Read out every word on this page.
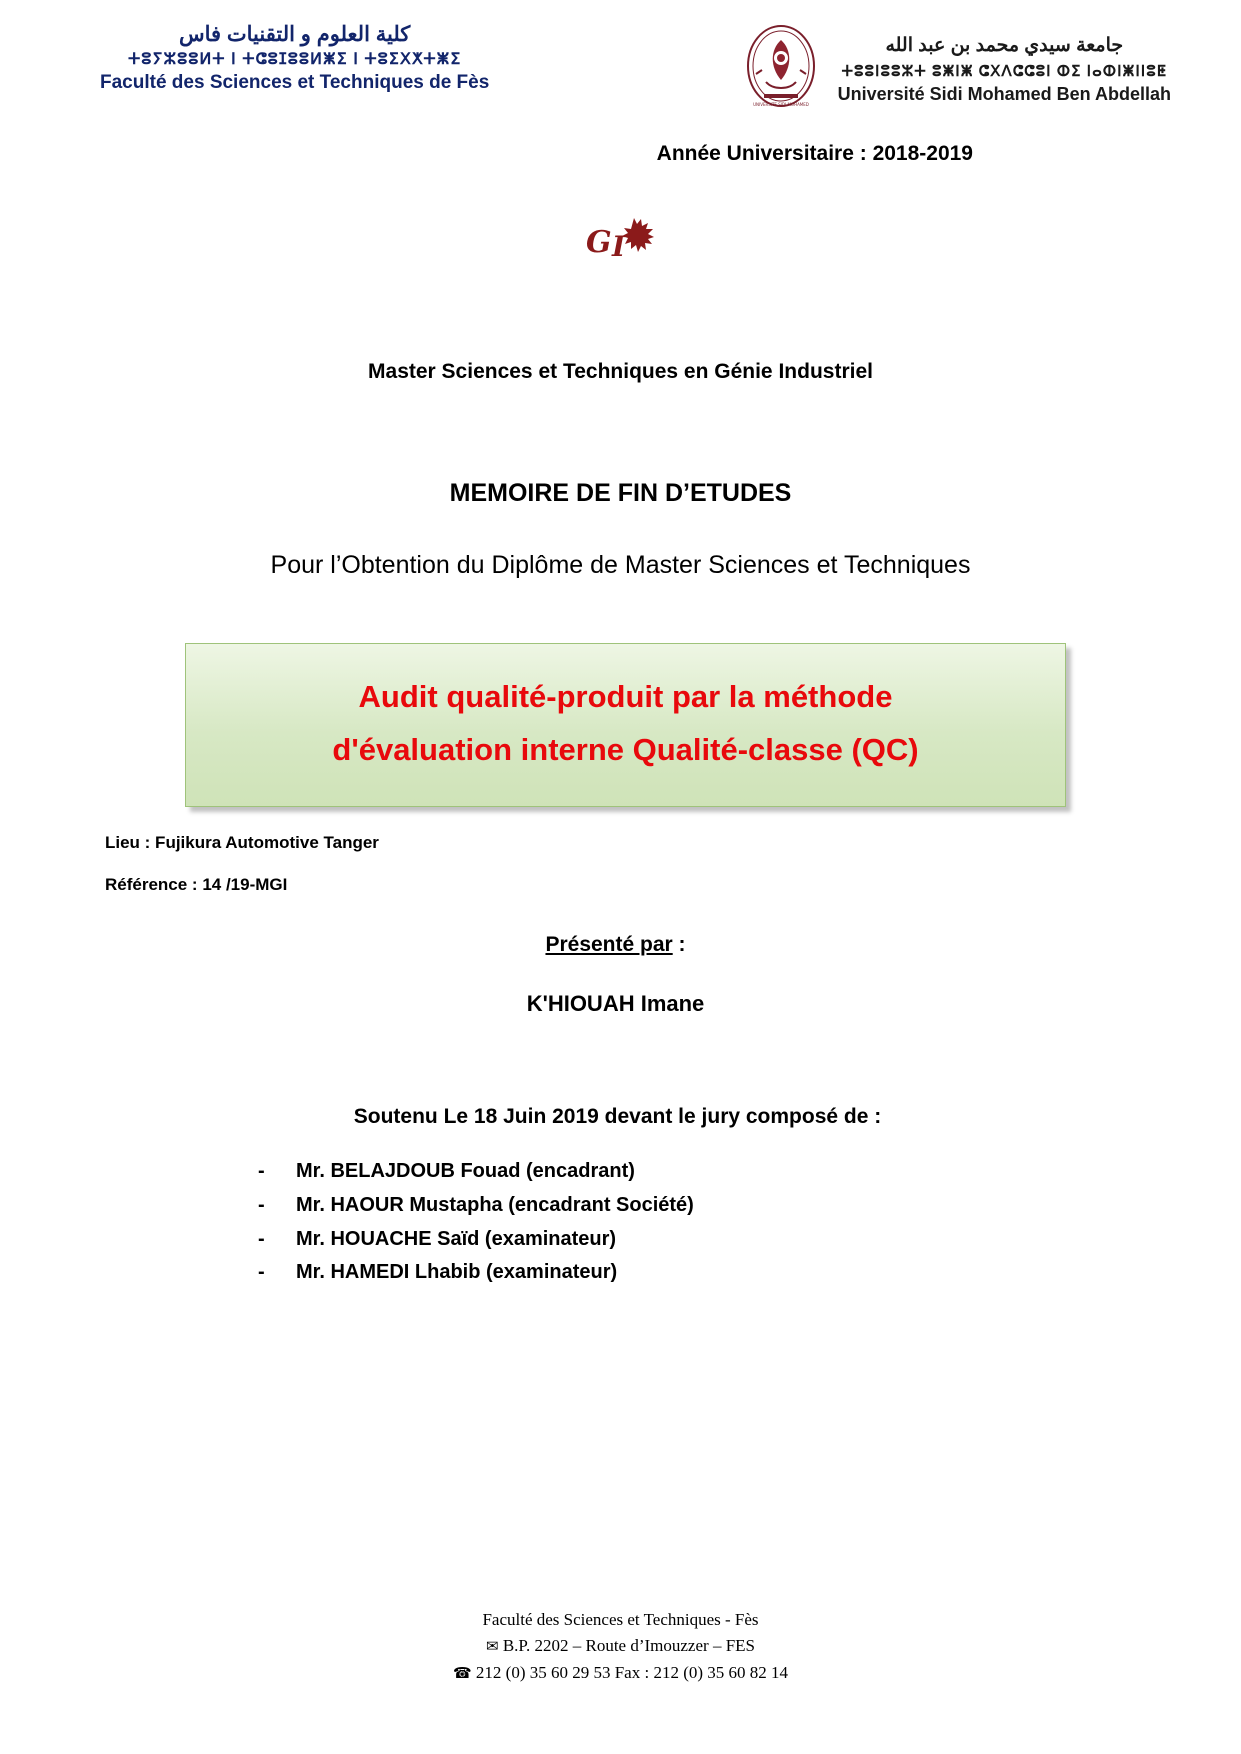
كلية العلوم و التقنيات فاس
ⵜⵓⵢⵣⵓⵓⵍⵜ Ⅰ ⵜⵛⵓⵊⵓⵓⵍⵥⵉ ⵏ ⵜⵓⵉⵝⵅⵜⵥⵉ
Faculté des Sciences et Techniques de Fès
UNIVERSITE SIDI MOHAMED
جامعة سيدي محمد بن عبد الله
ⵜⵓⵓⵏⵓⵓⵣⵜ ⵓⵥⵏⵥ ⵛⵝⴷⵛⵛⵓⵏ ⵀⵉ ⵏⴰⵀⵏⵥⵏⵏⵓⵟ
Université Sidi Mohamed Ben Abdellah
Année Universitaire : 2018-2019
G I
Master Sciences et Techniques en Génie Industriel
MEMOIRE DE FIN D’ETUDES
Pour l’Obtention du Diplôme de Master Sciences et Techniques
Audit qualité-produit par la méthode
d'évaluation interne Qualité-classe (QC)
Lieu : Fujikura Automotive Tanger
Référence : 14 /19-MGI
Présenté par :
K'HIOUAH Imane
Soutenu Le 18 Juin 2019 devant le jury composé de :
- Mr. BELAJDOUB Fouad (encadrant)
- Mr. HAOUR Mustapha (encadrant Société)
- Mr. HOUACHE Saïd (examinateur)
- Mr. HAMEDI Lhabib (examinateur)
Faculté des Sciences et Techniques - Fès
✉ B.P. 2202 – Route d’Imouzzer – FES
☎ 212 (0) 35 60 29 53 Fax : 212 (0) 35 60 82 14
